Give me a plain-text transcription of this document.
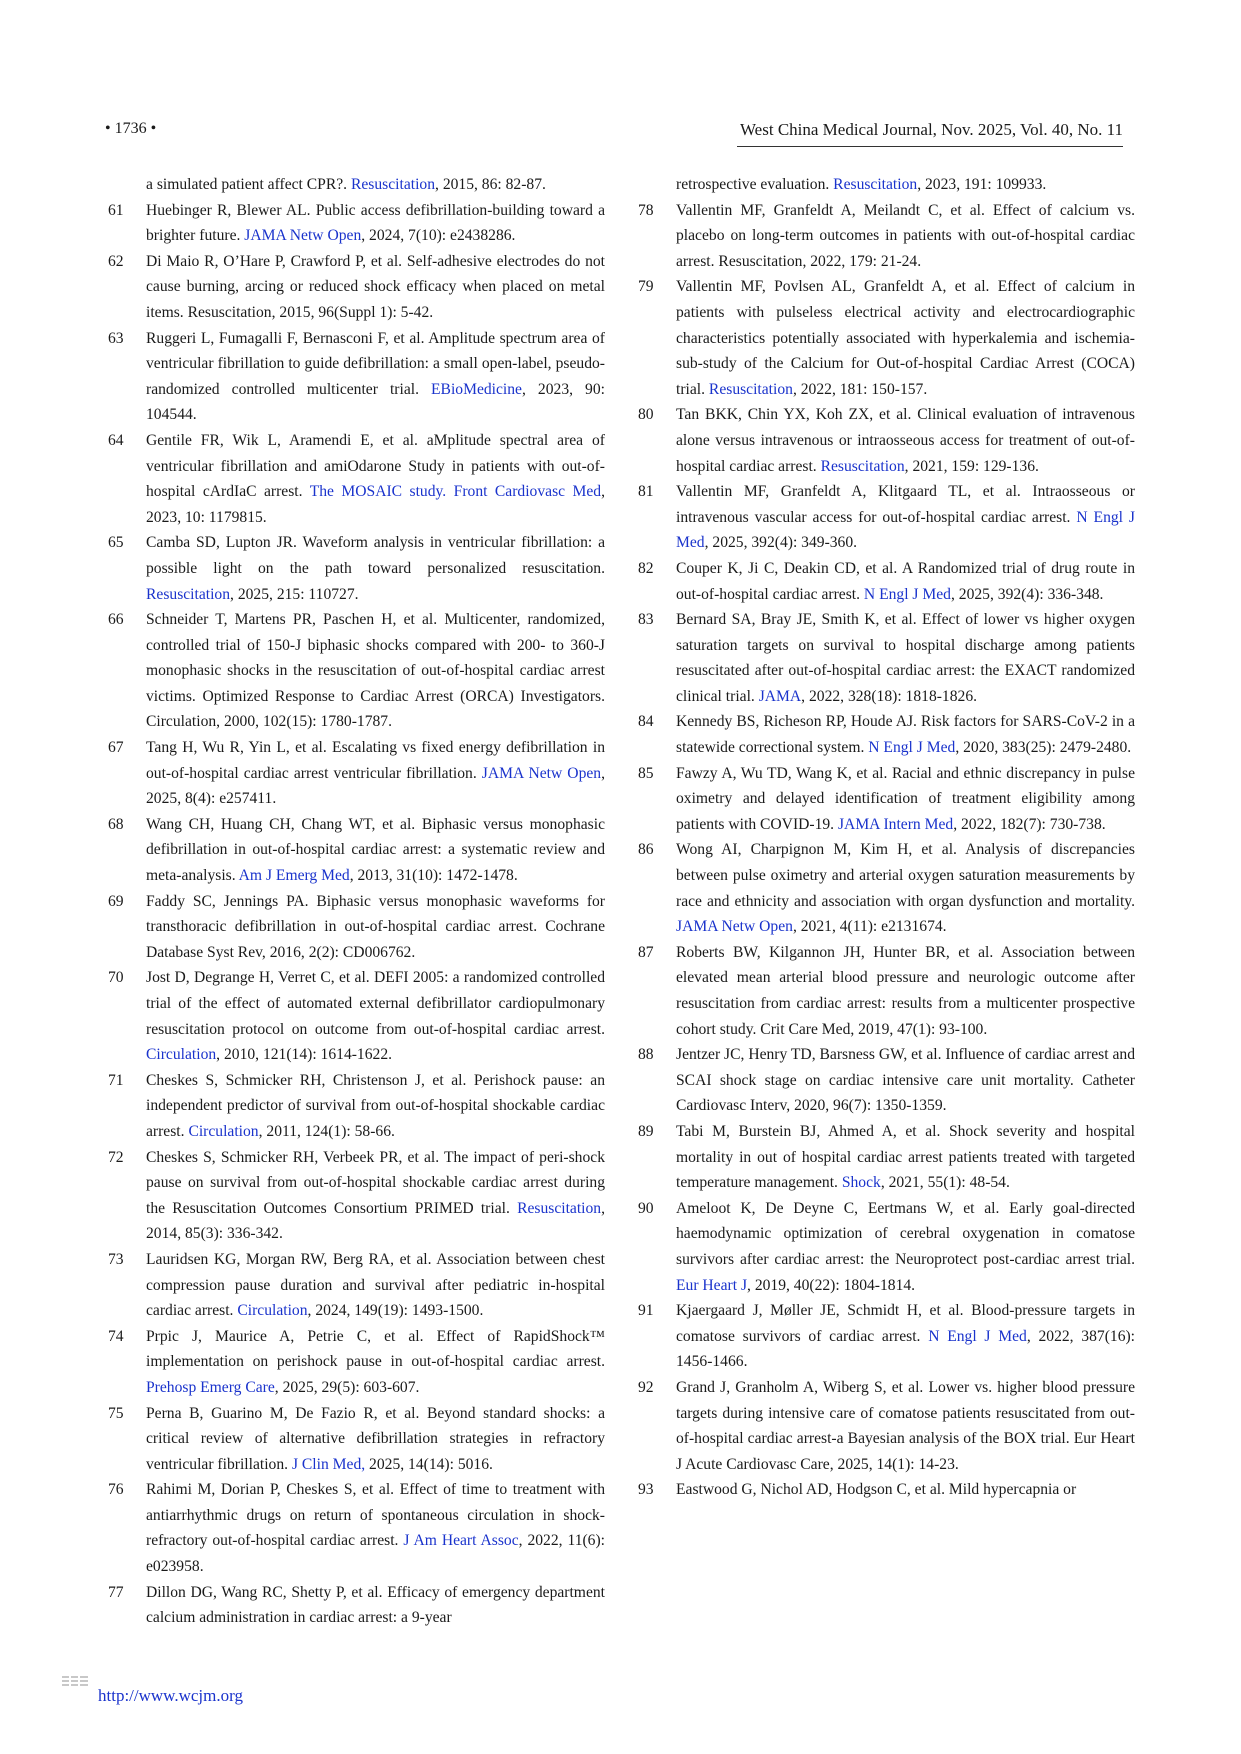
• 1736 •	West China Medical Journal, Nov. 2025, Vol. 40, No. 11
a simulated patient affect CPR?. Resuscitation, 2015, 86: 82-87.
61 Huebinger R, Blewer AL. Public access defibrillation-building toward a brighter future. JAMA Netw Open, 2024, 7(10): e2438286.
62 Di Maio R, O’Hare P, Crawford P, et al. Self-adhesive electrodes do not cause burning, arcing or reduced shock efficacy when placed on metal items. Resuscitation, 2015, 96(Suppl 1): 5-42.
63 Ruggeri L, Fumagalli F, Bernasconi F, et al. Amplitude spectrum area of ventricular fibrillation to guide defibrillation: a small open-label, pseudo-randomized controlled multicenter trial. EBioMedicine, 2023, 90: 104544.
64 Gentile FR, Wik L, Aramendi E, et al. aMplitude spectral area of ventricular fibrillation and amiOdarone Study in patients with out-of-hospital cArdIaC arrest. The MOSAIC study. Front Cardiovasc Med, 2023, 10: 1179815.
65 Camba SD, Lupton JR. Waveform analysis in ventricular fibrillation: a possible light on the path toward personalized resuscitation. Resuscitation, 2025, 215: 110727.
66 Schneider T, Martens PR, Paschen H, et al. Multicenter, randomized, controlled trial of 150-J biphasic shocks compared with 200- to 360-J monophasic shocks in the resuscitation of out-of-hospital cardiac arrest victims. Optimized Response to Cardiac Arrest (ORCA) Investigators. Circulation, 2000, 102(15): 1780-1787.
67 Tang H, Wu R, Yin L, et al. Escalating vs fixed energy defibrillation in out-of-hospital cardiac arrest ventricular fibrillation. JAMA Netw Open, 2025, 8(4): e257411.
68 Wang CH, Huang CH, Chang WT, et al. Biphasic versus monophasic defibrillation in out-of-hospital cardiac arrest: a systematic review and meta-analysis. Am J Emerg Med, 2013, 31(10): 1472-1478.
69 Faddy SC, Jennings PA. Biphasic versus monophasic waveforms for transthoracic defibrillation in out-of-hospital cardiac arrest. Cochrane Database Syst Rev, 2016, 2(2): CD006762.
70 Jost D, Degrange H, Verret C, et al. DEFI 2005: a randomized controlled trial of the effect of automated external defibrillator cardiopulmonary resuscitation protocol on outcome from out-of-hospital cardiac arrest. Circulation, 2010, 121(14): 1614-1622.
71 Cheskes S, Schmicker RH, Christenson J, et al. Perishock pause: an independent predictor of survival from out-of-hospital shockable cardiac arrest. Circulation, 2011, 124(1): 58-66.
72 Cheskes S, Schmicker RH, Verbeek PR, et al. The impact of peri-shock pause on survival from out-of-hospital shockable cardiac arrest during the Resuscitation Outcomes Consortium PRIMED trial. Resuscitation, 2014, 85(3): 336-342.
73 Lauridsen KG, Morgan RW, Berg RA, et al. Association between chest compression pause duration and survival after pediatric in-hospital cardiac arrest. Circulation, 2024, 149(19): 1493-1500.
74 Prpic J, Maurice A, Petrie C, et al. Effect of RapidShock™ implementation on perishock pause in out-of-hospital cardiac arrest. Prehosp Emerg Care, 2025, 29(5): 603-607.
75 Perna B, Guarino M, De Fazio R, et al. Beyond standard shocks: a critical review of alternative defibrillation strategies in refractory ventricular fibrillation. J Clin Med, 2025, 14(14): 5016.
76 Rahimi M, Dorian P, Cheskes S, et al. Effect of time to treatment with antiarrhythmic drugs on return of spontaneous circulation in shock-refractory out-of-hospital cardiac arrest. J Am Heart Assoc, 2022, 11(6): e023958.
77 Dillon DG, Wang RC, Shetty P, et al. Efficacy of emergency department calcium administration in cardiac arrest: a 9-year
retrospective evaluation. Resuscitation, 2023, 191: 109933.
78 Vallentin MF, Granfeldt A, Meilandt C, et al. Effect of calcium vs. placebo on long-term outcomes in patients with out-of-hospital cardiac arrest. Resuscitation, 2022, 179: 21-24.
79 Vallentin MF, Povlsen AL, Granfeldt A, et al. Effect of calcium in patients with pulseless electrical activity and electrocardiographic characteristics potentially associated with hyperkalemia and ischemia-sub-study of the Calcium for Out-of-hospital Cardiac Arrest (COCA) trial. Resuscitation, 2022, 181: 150-157.
80 Tan BKK, Chin YX, Koh ZX, et al. Clinical evaluation of intravenous alone versus intravenous or intraosseous access for treatment of out-of-hospital cardiac arrest. Resuscitation, 2021, 159: 129-136.
81 Vallentin MF, Granfeldt A, Klitgaard TL, et al. Intraosseous or intravenous vascular access for out-of-hospital cardiac arrest. N Engl J Med, 2025, 392(4): 349-360.
82 Couper K, Ji C, Deakin CD, et al. A Randomized trial of drug route in out-of-hospital cardiac arrest. N Engl J Med, 2025, 392(4): 336-348.
83 Bernard SA, Bray JE, Smith K, et al. Effect of lower vs higher oxygen saturation targets on survival to hospital discharge among patients resuscitated after out-of-hospital cardiac arrest: the EXACT randomized clinical trial. JAMA, 2022, 328(18): 1818-1826.
84 Kennedy BS, Richeson RP, Houde AJ. Risk factors for SARS-CoV-2 in a statewide correctional system. N Engl J Med, 2020, 383(25): 2479-2480.
85 Fawzy A, Wu TD, Wang K, et al. Racial and ethnic discrepancy in pulse oximetry and delayed identification of treatment eligibility among patients with COVID-19. JAMA Intern Med, 2022, 182(7): 730-738.
86 Wong AI, Charpignon M, Kim H, et al. Analysis of discrepancies between pulse oximetry and arterial oxygen saturation measurements by race and ethnicity and association with organ dysfunction and mortality. JAMA Netw Open, 2021, 4(11): e2131674.
87 Roberts BW, Kilgannon JH, Hunter BR, et al. Association between elevated mean arterial blood pressure and neurologic outcome after resuscitation from cardiac arrest: results from a multicenter prospective cohort study. Crit Care Med, 2019, 47(1): 93-100.
88 Jentzer JC, Henry TD, Barsness GW, et al. Influence of cardiac arrest and SCAI shock stage on cardiac intensive care unit mortality. Catheter Cardiovasc Interv, 2020, 96(7): 1350-1359.
89 Tabi M, Burstein BJ, Ahmed A, et al. Shock severity and hospital mortality in out of hospital cardiac arrest patients treated with targeted temperature management. Shock, 2021, 55(1): 48-54.
90 Ameloot K, De Deyne C, Eertmans W, et al. Early goal-directed haemodynamic optimization of cerebral oxygenation in comatose survivors after cardiac arrest: the Neuroprotect post-cardiac arrest trial. Eur Heart J, 2019, 40(22): 1804-1814.
91 Kjaergaard J, Møller JE, Schmidt H, et al. Blood-pressure targets in comatose survivors of cardiac arrest. N Engl J Med, 2022, 387(16): 1456-1466.
92 Grand J, Granholm A, Wiberg S, et al. Lower vs. higher blood pressure targets during intensive care of comatose patients resuscitated from out-of-hospital cardiac arrest-a Bayesian analysis of the BOX trial. Eur Heart J Acute Cardiovasc Care, 2025, 14(1): 14-23.
93 Eastwood G, Nichol AD, Hodgson C, et al. Mild hypercapnia or
http://www.wcjm.org
